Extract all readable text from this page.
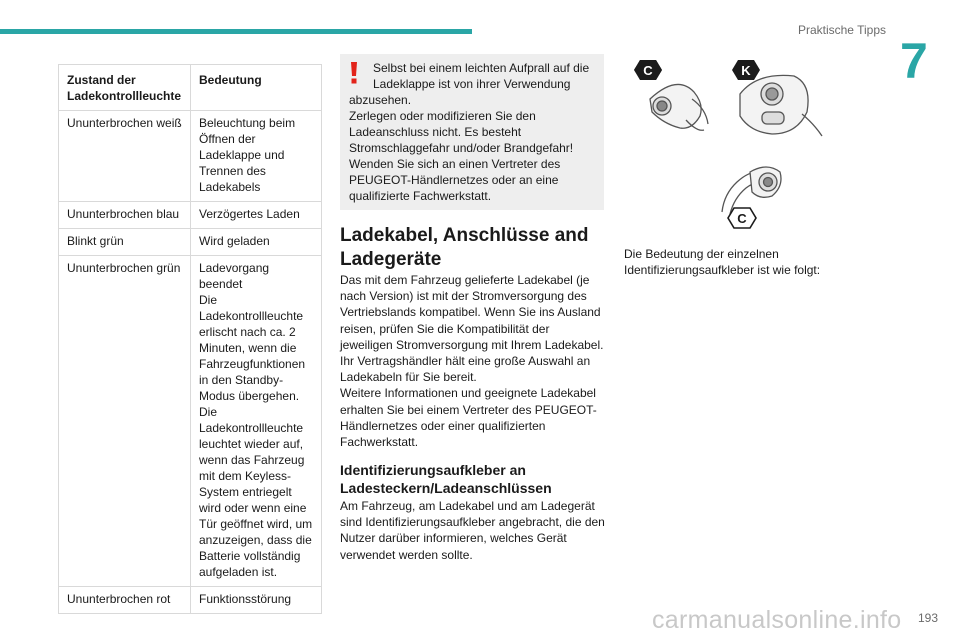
Praktische Tipps
7
Zustand der Ladekontrollleuchte	Bedeutung
Ununterbrochen weiß	Beleuchtung beim Öffnen der Ladeklappe und Trennen des Ladekabels

Ununterbrochen blau	Verzögertes Laden

Blinkt grün	Wird geladen

Ununterbrochen grün	Ladevorgang beendet
Die Ladekontrollleuchte erlischt nach ca. 2 Minuten, wenn die Fahrzeugfunktionen in den Standby-Modus übergehen.
Die Ladekontrollleuchte leuchtet wieder auf, wenn das Fahrzeug mit dem Keyless-System entriegelt wird oder wenn eine Tür geöffnet wird, um anzuzeigen, dass die Batterie vollständig aufgeladen ist.

Ununterbrochen rot	Funktionsstörung
Selbst bei einem leichten Aufprall auf die Ladeklappe ist von ihrer Verwendung
abzusehen.
Zerlegen oder modifizieren Sie den Ladeanschluss nicht. Es besteht Stromschlaggefahr und/oder Brandgefahr!
Wenden Sie sich an einen Vertreter des PEUGEOT-Händlernetzes oder an eine qualifizierte Fachwerkstatt.
Ladekabel, Anschlüsse and Ladegeräte
Das mit dem Fahrzeug gelieferte Ladekabel (je nach Version) ist mit der Stromversorgung des Vertriebslands kompatibel. Wenn Sie ins Ausland reisen, prüfen Sie die Kompatibilität der jeweiligen Stromversorgung mit Ihrem Ladekabel.
Ihr Vertragshändler hält eine große Auswahl an Ladekabeln für Sie bereit.
Weitere Informationen und geeignete Ladekabel erhalten Sie bei einem Vertreter des PEUGEOT-Händlernetzes oder einer qualifizierten Fachwerkstatt.
Identifizierungsaufkleber an Ladesteckern/Ladeanschlüssen
Am Fahrzeug, am Ladekabel und am Ladegerät sind Identifizierungsaufkleber angebracht, die den Nutzer darüber informieren, welches Gerät verwendet werden sollte.
C	K
C
Die Bedeutung der einzelnen Identifizierungsaufkleber ist wie folgt:
carmanualsonline.info 193
